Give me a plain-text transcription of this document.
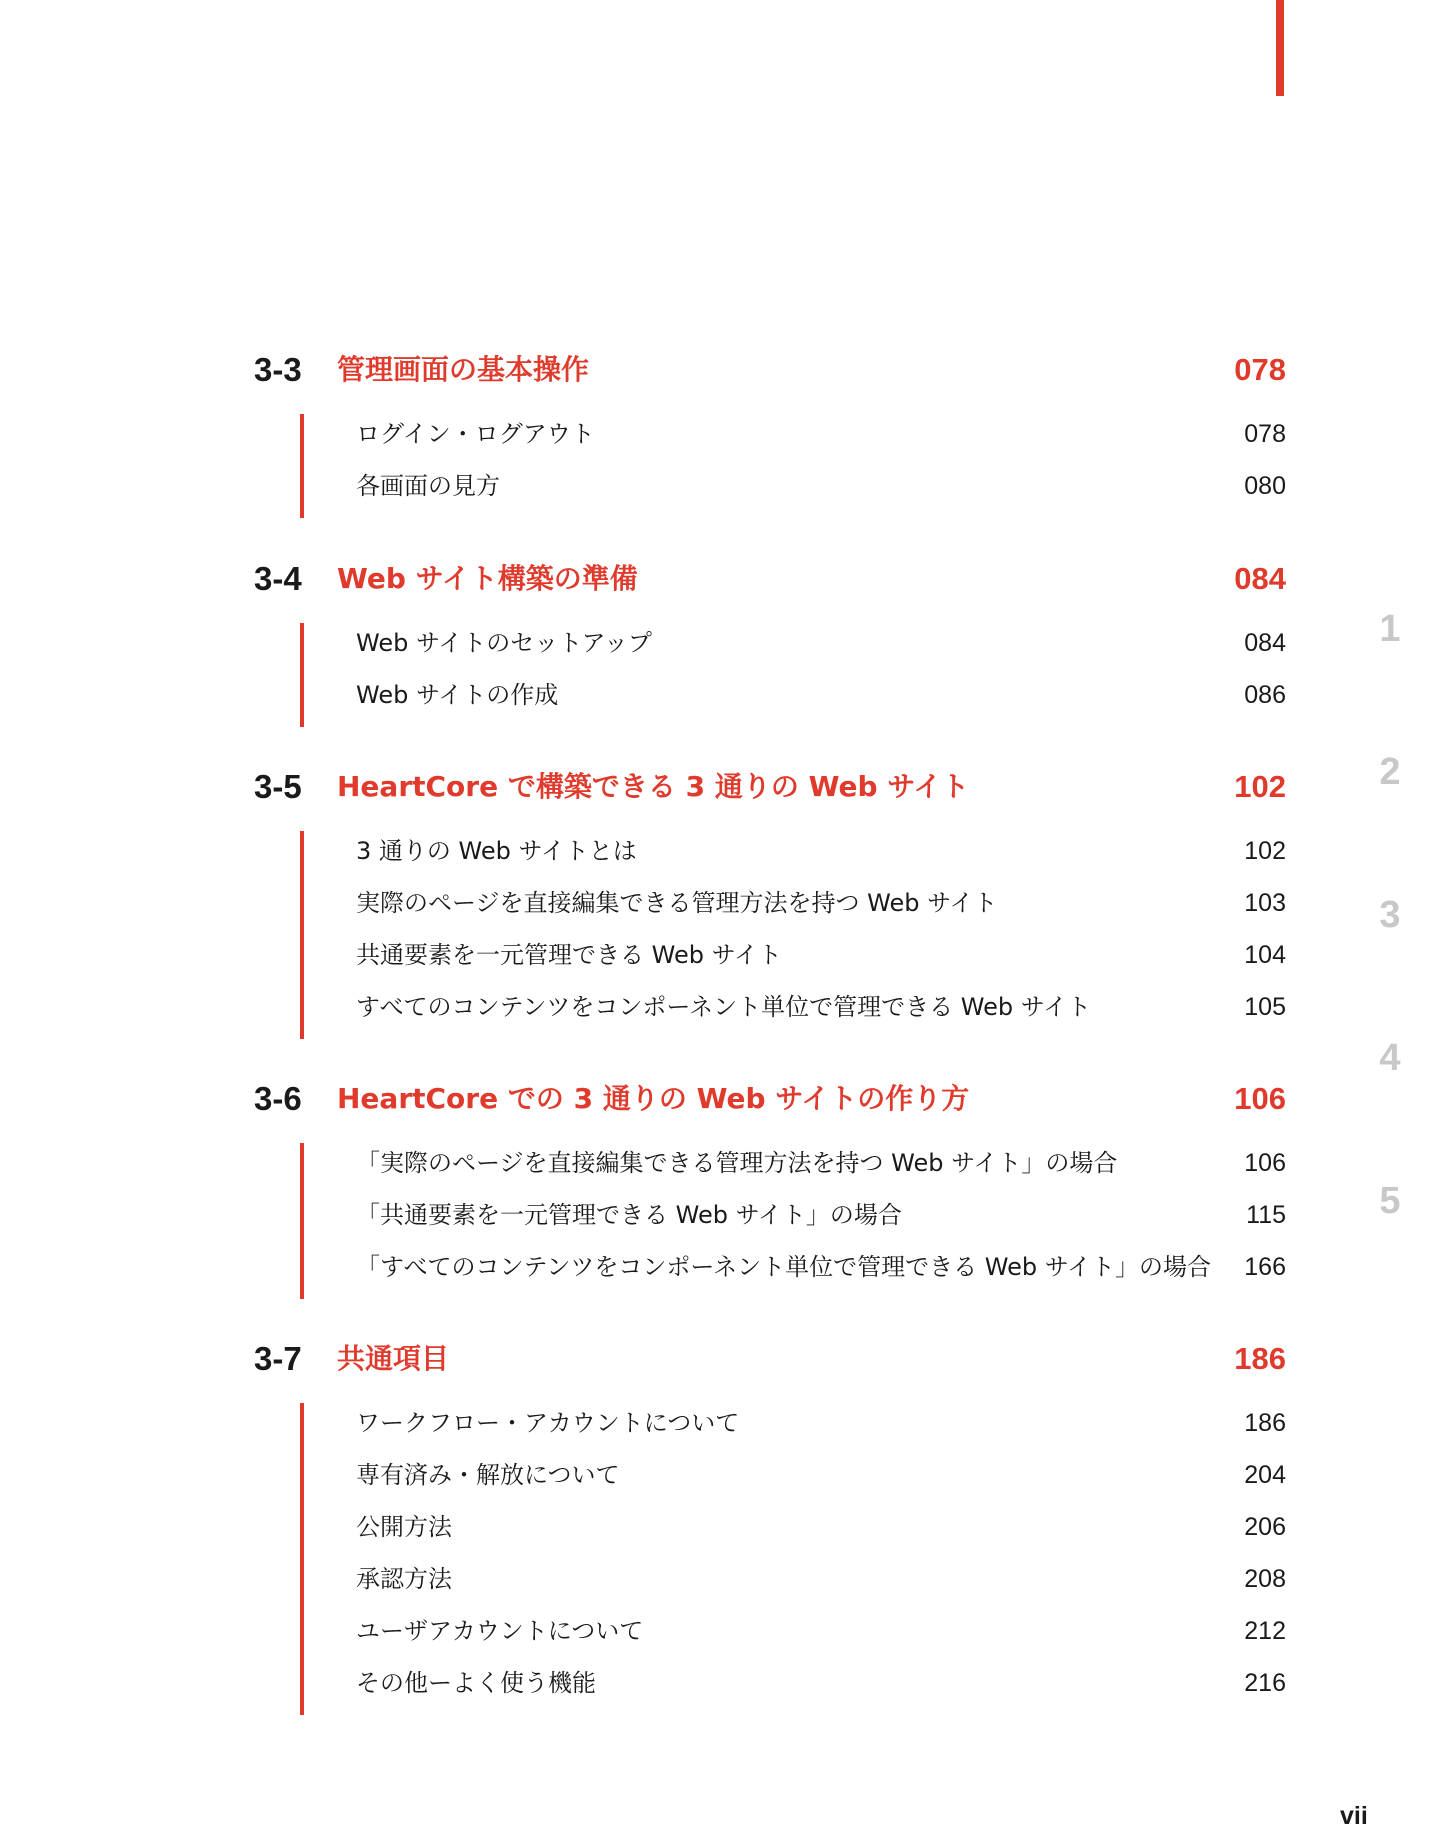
3-3 管理画面の基本操作	078
ログイン・ログアウト	078
各画面の見方	080
3-4 Web サイト構築の準備	084
Web サイトのセットアップ	084
Web サイトの作成	086
3-5 HeartCore で構築できる 3 通りの Web サイト	102
3 通りの Web サイトとは	102
実際のページを直接編集できる管理方法を持つ Web サイト	103
共通要素を一元管理できる Web サイト	104
すべてのコンテンツをコンポーネント単位で管理できる Web サイト	105
3-6 HeartCore での 3 通りの Web サイトの作り方	106
「実際のページを直接編集できる管理方法を持つ Web サイト」の場合	106
「共通要素を一元管理できる Web サイト」の場合	115
「すべてのコンテンツをコンポーネント単位で管理できる Web サイト」の場合 166
3-7 共通項目	186
ワークフロー・アカウントについて	186
専有済み・解放について	204
公開方法	206
承認方法	208
ユーザアカウントについて	212
その他ーよく使う機能	216
1
2
3
4
5
vii
